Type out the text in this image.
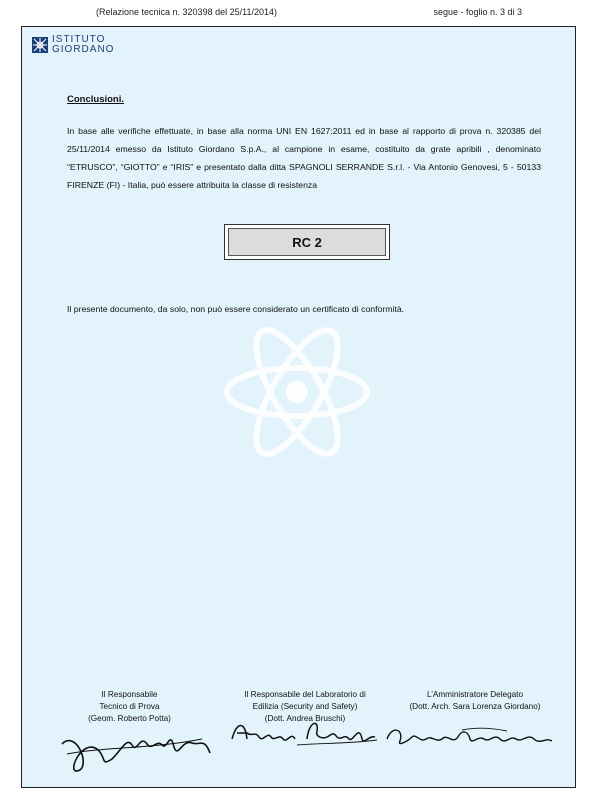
(Relazione tecnica n. 320398 del 25/11/2014)	segue - foglio n. 3 di 3
ISTITUTO
GIORDANO
Conclusioni.
In base alle verifiche effettuate, in base alla norma UNI EN 1627:2011 ed in base al rapporto di prova n. 320385 del 25/11/2014 emesso da Istituto Giordano S.p.A., al campione in esame, costituito da grate apribili , denominato “ETRUSCO”, “GIOTTO” e “IRIS” e presentato dalla ditta SPAGNOLI SERRANDE S.r.l. - Via Antonio Genovesi, 5 - 50133 FIRENZE (FI) - Italia, può essere attribuita la classe di resistenza
RC 2
Il presente documento, da solo, non può essere considerato un certificato di conformità.
Il Responsabile
Tecnico di Prova
(Geom. Roberto Potta)
Il Responsabile del Laboratorio di
Edilizia (Security and Safety)
(Dott. Andrea Bruschi)
L’Amministratore Delegato
(Dott. Arch. Sara Lorenza Giordano)
